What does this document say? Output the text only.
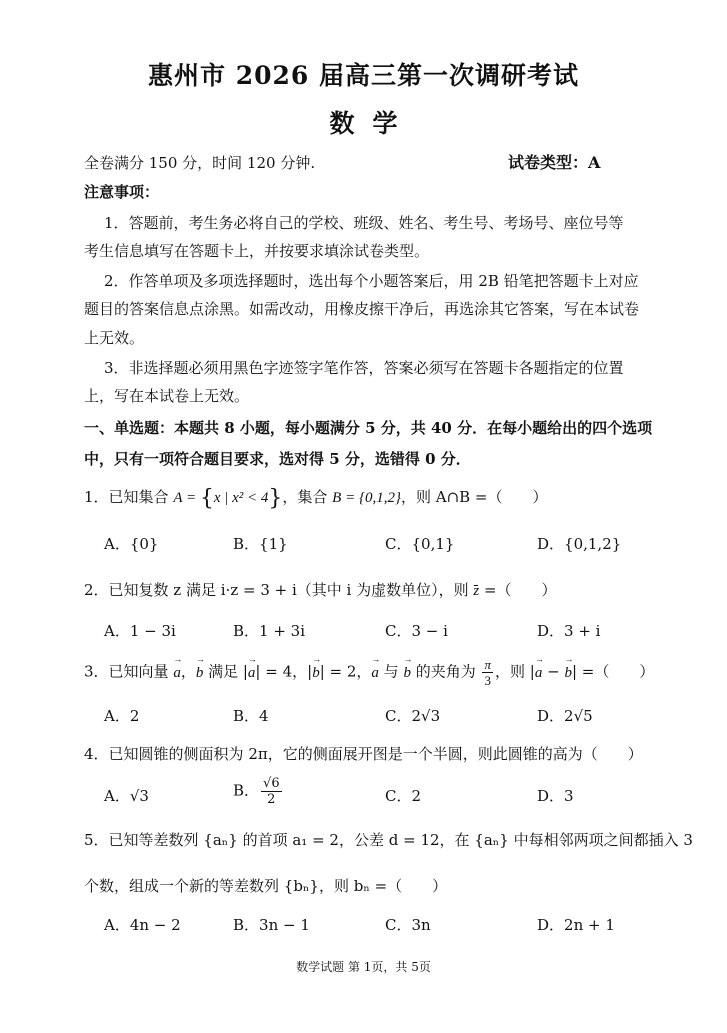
惠州市 2026 届高三第一次调研考试
数学
全卷满分 150 分，时间 120 分钟.	试卷类型：A
注意事项：
1．答题前，考生务必将自己的学校、班级、姓名、考生号、考场号、座位号等
考生信息填写在答题卡上，并按要求填涂试卷类型。
2．作答单项及多项选择题时，选出每个小题答案后，用 2B 铅笔把答题卡上对应
题目的答案信息点涂黑。如需改动，用橡皮擦干净后，再选涂其它答案，写在本试卷
上无效。
3．非选择题必须用黑色字迹签字笔作答，答案必须写在答题卡各题指定的位置
上，写在本试卷上无效。
一、单选题：本题共 8 小题，每小题满分 5 分，共 40 分．在每小题给出的四个选项
中，只有一项符合题目要求，选对得 5 分，选错得 0 分．
1．已知集合 A = {x | x² < 4}，集合 B = {0,1,2}，则 A∩B =（　　）
A．{0}	B．{1}	C．{0,1}	D．{0,1,2}
2．已知复数 z 满足 i·z = 3 + i（其中 i 为虚数单位），则 z =（　　）
A．1 − 3i	B．1 + 3i	C．3 − i	D．3 + i
3．已知向量 → a，→ b 满足 |→ a| = 4，|→ b| = 2，→ a 与 → b 的夹角为 $\frac{\pi}{3}$ ，则 |→ a − → b| =（　　）
A．2	B．4	C．2√3	D．2√5
4．已知圆锥的侧面积为 2π，它的侧面展开图是一个半圆，则此圆锥的高为（　　）
A．√3	B． $\frac{√6}{2}$	C．2	D．3
5．已知等差数列 {aₙ} 的首项 a₁ = 2，公差 d = 12，在 {aₙ} 中每相邻两项之间都插入 3
个数，组成一个新的等差数列 {bₙ}，则 bₙ =（　　）
A．4n − 2	B．3n − 1	C．3n	D．2n + 1
数学试题 第 1页，共 5页
